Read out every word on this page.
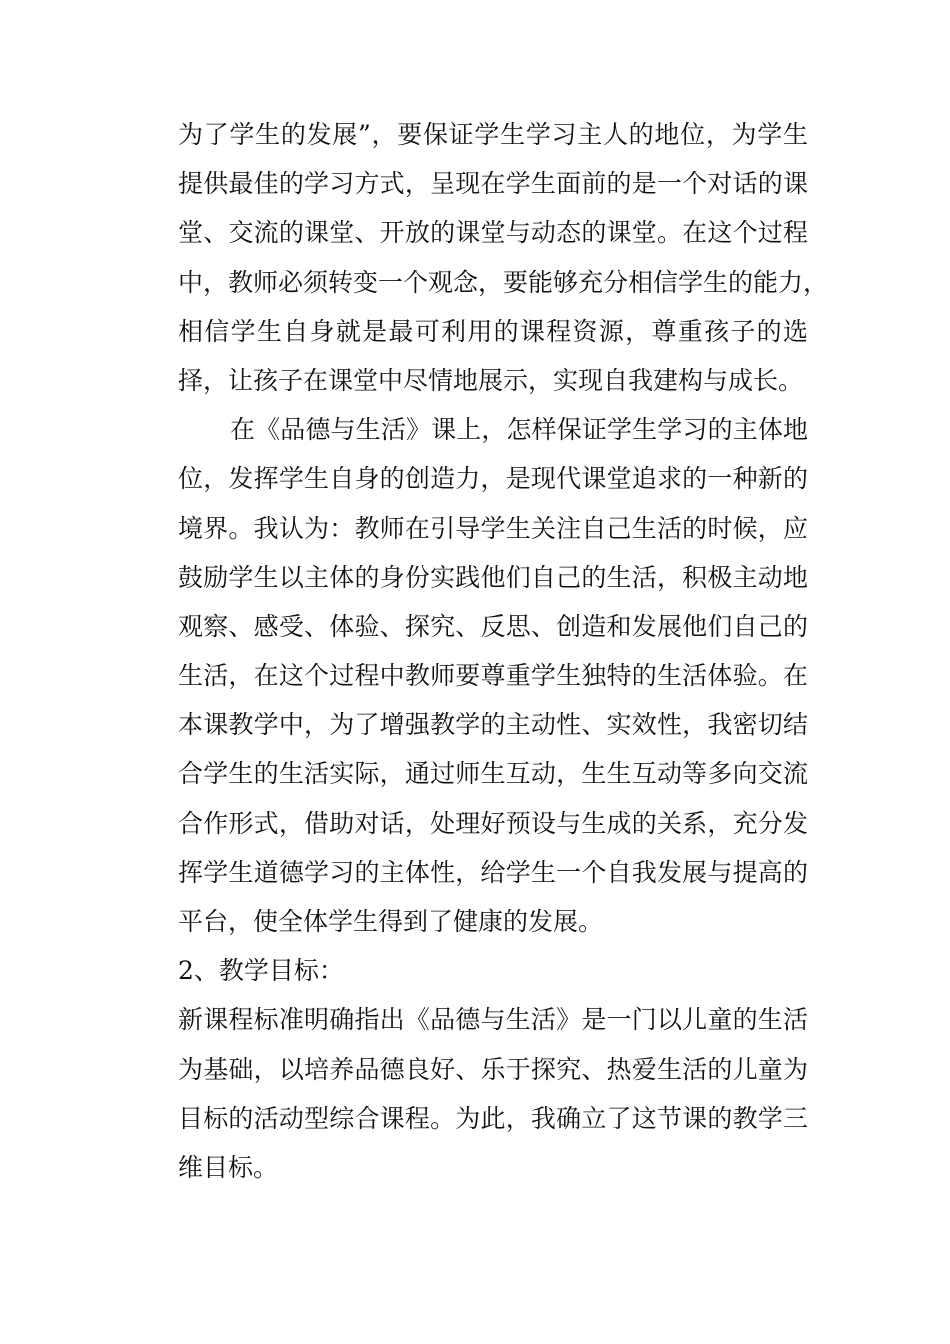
为了学生的发展”，要保证学生学习主人的地位，为学生
提供最佳的学习方式，呈现在学生面前的是一个对话的课
堂、交流的课堂、开放的课堂与动态的课堂。在这个过程
中，教师必须转变一个观念，要能够充分相信学生的能力，
相信学生自身就是最可利用的课程资源，尊重孩子的选
择，让孩子在课堂中尽情地展示，实现自我建构与成长。
在《品德与生活》课上，怎样保证学生学习的主体地
位，发挥学生自身的创造力，是现代课堂追求的一种新的
境界。我认为：教师在引导学生关注自己生活的时候，应
鼓励学生以主体的身份实践他们自己的生活，积极主动地
观察、感受、体验、探究、反思、创造和发展他们自己的
生活，在这个过程中教师要尊重学生独特的生活体验。在
本课教学中，为了增强教学的主动性、实效性，我密切结
合学生的生活实际，通过师生互动，生生互动等多向交流
合作形式，借助对话，处理好预设与生成的关系，充分发
挥学生道德学习的主体性，给学生一个自我发展与提高的
平台，使全体学生得到了健康的发展。
2、教学目标：
新课程标准明确指出《品德与生活》是一门以儿童的生活
为基础，以培养品德良好、乐于探究、热爱生活的儿童为
目标的活动型综合课程。为此，我确立了这节课的教学三
维目标。
